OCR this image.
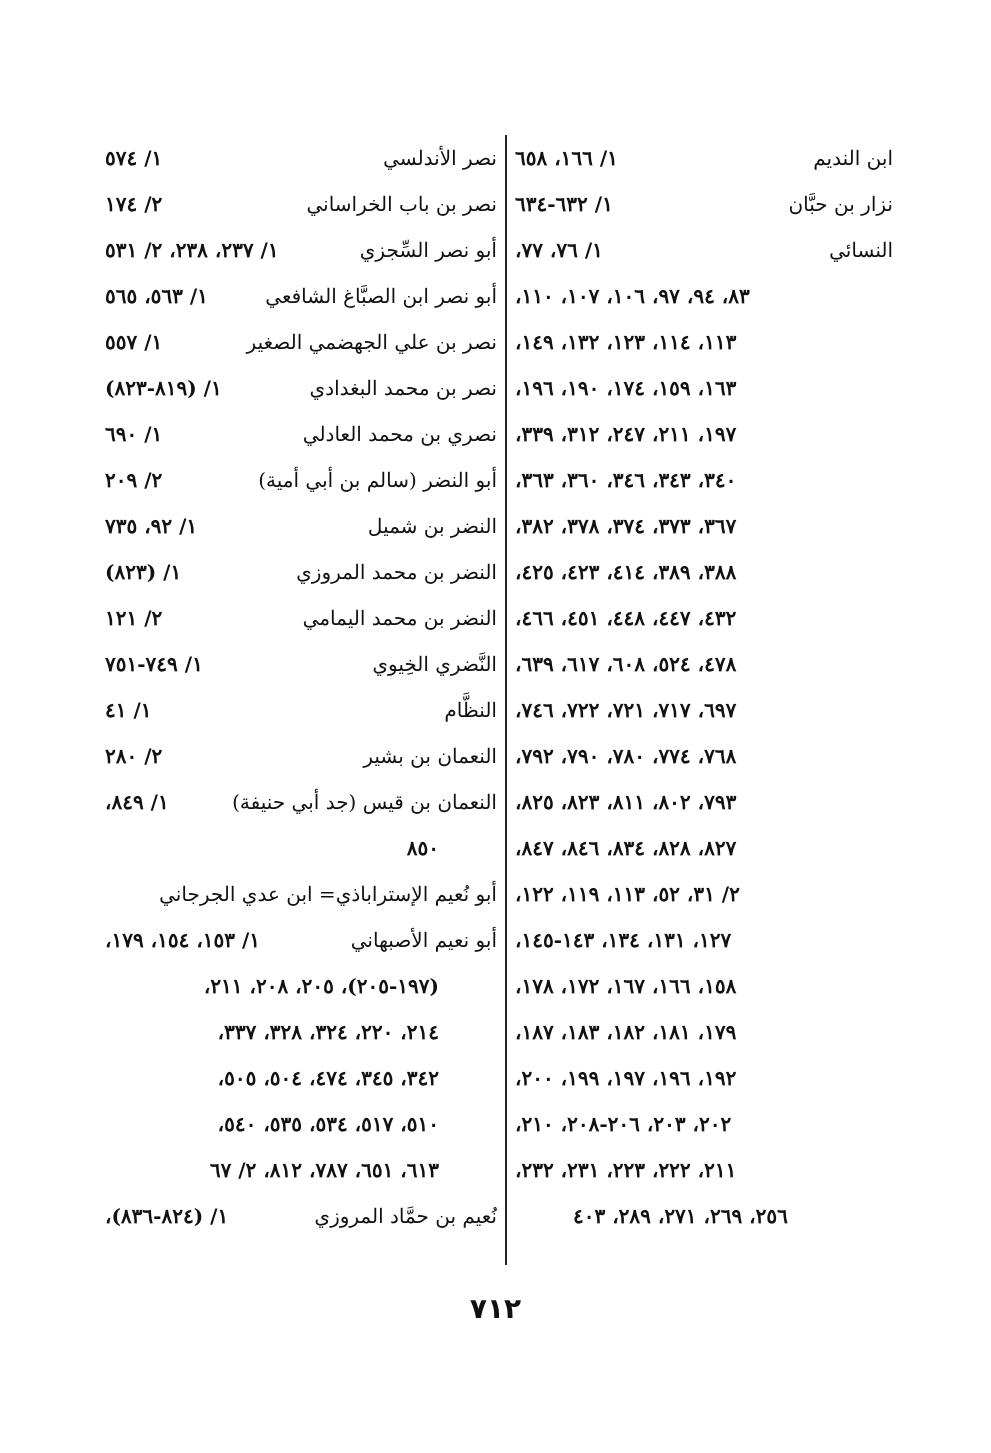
ابن النديم
١/ ١٦٦، ٦٥٨
نزار بن حبَّان
١/ ٦٣٢-٦٣٤
النسائي
١/ ٧٦، ٧٧،
٨٣، ٩٤، ٩٧، ١٠٦، ١٠٧، ١١٠،
١١٣، ١١٤، ١٢٣، ١٣٢، ١٤٩،
١٦٣، ١٥٩، ١٧٤، ١٩٠، ١٩٦،
١٩٧، ٢١١، ٢٤٧، ٣١٢، ٣٣٩،
٣٤٠، ٣٤٣، ٣٤٦، ٣٦٠، ٣٦٣،
٣٦٧، ٣٧٣، ٣٧٤، ٣٧٨، ٣٨٢،
٣٨٨، ٣٨٩، ٤١٤، ٤٢٣، ٤٢٥،
٤٣٢، ٤٤٧، ٤٤٨، ٤٥١، ٤٦٦،
٤٧٨، ٥٢٤، ٦٠٨، ٦١٧، ٦٣٩،
٦٩٧، ٧١٧، ٧٢١، ٧٢٢، ٧٤٦،
٧٦٨، ٧٧٤، ٧٨٠، ٧٩٠، ٧٩٢،
٧٩٣، ٨٠٢، ٨١١، ٨٢٣، ٨٢٥،
٨٢٧، ٨٢٨، ٨٣٤، ٨٤٦، ٨٤٧،
٢/ ٣١، ٥٢، ١١٣، ١١٩، ١٢٢،
١٢٧، ١٣١، ١٣٤، ١٤٣-١٤٥،
١٥٨، ١٦٦، ١٦٧، ١٧٢، ١٧٨،
١٧٩، ١٨١، ١٨٢، ١٨٣، ١٨٧،
١٩٢، ١٩٦، ١٩٧، ١٩٩، ٢٠٠،
٢٠٢، ٢٠٣، ٢٠٦-٢٠٨، ٢١٠،
٢١١، ٢٢٢، ٢٢٣، ٢٣١، ٢٣٢،
٢٥٦، ٢٦٩، ٢٧١، ٢٨٩، ٤٠٣
نصر الأندلسي
١/ ٥٧٤
نصر بن باب الخراساني
٢/ ١٧٤
أبو نصر السِّجزي
١/ ٢٣٧، ٢٣٨، ٢/ ٥٣١
أبو نصر ابن الصبَّاغ الشافعي
١/ ٥٦٣، ٥٦٥
نصر بن علي الجهضمي الصغير
١/ ٥٥٧
نصر بن محمد البغدادي
١/ (٨١٩-٨٢٣)
نصري بن محمد العادلي
١/ ٦٩٠
أبو النضر (سالم بن أبي أمية)
٢/ ٢٠٩
النضر بن شميل
١/ ٩٢، ٧٣٥
النضر بن محمد المروزي
١/ (٨٢٣)
النضر بن محمد اليمامي
٢/ ١٢١
النَّضري الخِيوي
١/ ٧٤٩-٧٥١
النظَّام
١/ ٤١
النعمان بن بشير
٢/ ٢٨٠
النعمان بن قيس (جد أبي حنيفة)
١/ ٨٤٩،
٨٥٠
أبو نُعيم الإستراباذي= ابن عدي الجرجاني
أبو نعيم الأصبهاني
١/ ١٥٣، ١٥٤، ١٧٩،
(١٩٧-٢٠٥)، ٢٠٥، ٢٠٨، ٢١١،
٢١٤، ٢٢٠، ٣٢٤، ٣٢٨، ٣٣٧،
٣٤٢، ٣٤٥، ٤٧٤، ٥٠٤، ٥٠٥،
٥١٠، ٥١٧، ٥٣٤، ٥٣٥، ٥٤٠،
٦١٣، ٦٥١، ٧٨٧، ٨١٢، ٢/ ٦٧
نُعيم بن حمَّاد المروزي
١/ (٨٢٤-٨٣٦)،
٧١٢
